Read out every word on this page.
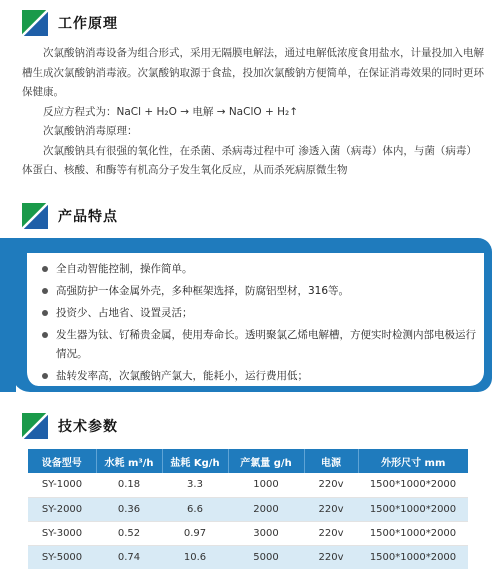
工作原理

次氯酸钠消毒设备为组合形式，采用无隔膜电解法，通过电解低浓度食用盐水，计量投加入电解槽生成次氯酸钠消毒液。次氯酸钠取源于食盐，投加次氯酸钠方便简单，在保证消毒效果的同时更环保健康。

反应方程式为：NaCl + H₂O → 电解 → NaClO + H₂↑

次氯酸钠消毒原理：

次氯酸钠具有很强的氧化性，在杀菌、杀病毒过程中可 渗透入菌（病毒）体内，与菌（病毒）体蛋白、核酸、和酶等有机高分子发生氧化反应，从而杀死病原微生物

产品特点
全自动智能控制，操作简单。
高强防护一体金属外壳，多种框架选择，防腐铝型材，316等。
投资少、占地省、设置灵活；
发生器为钛、钌稀贵金属，使用寿命长。透明聚氯乙烯电解槽，方便实时检测内部电极运行情况。
盐转发率高，次氯酸钠产氯大，能耗小，运行费用低；
技术参数
设备型号	水耗 m³/h	盐耗 Kg/h	产氯量 g/h	电源	外形尺寸 mm
SY-1000	0.18	3.3	1000	220v	1500*1000*2000
SY-2000	0.36	6.6	2000	220v	1500*1000*2000
SY-3000	0.52	0.97	3000	220v	1500*1000*2000
SY-5000	0.74	10.6	5000	220v	1500*1000*2000
